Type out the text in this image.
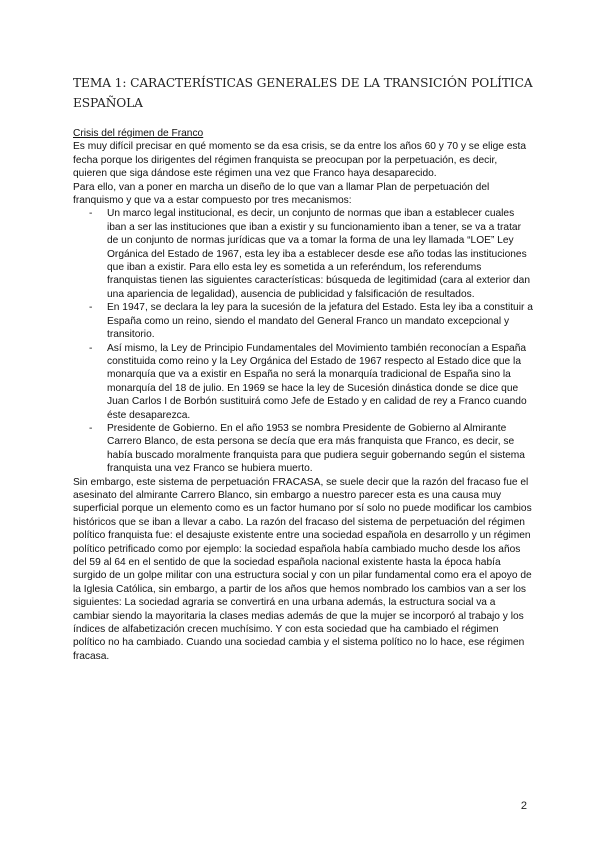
TEMA 1: CARACTERÍSTICAS GENERALES DE LA TRANSICIÓN POLÍTICA ESPAÑOLA

Crisis del régimen de Franco

Es muy difícil precisar en qué momento se da esa crisis, se da entre los años 60 y 70 y se elige esta fecha porque los dirigentes del régimen franquista se preocupan por la perpetuación, es decir, quieren que siga dándose este régimen una vez que Franco haya desaparecido.

Para ello, van a poner en marcha un diseño de lo que van a llamar Plan de perpetuación del franquismo y que va a estar compuesto por tres mecanismos:

- Un marco legal institucional, es decir, un conjunto de normas que iban a establecer cuales iban a ser las instituciones que iban a existir y su funcionamiento iban a tener, se va a tratar de un conjunto de normas jurídicas que va a tomar la forma de una ley llamada “LOE” Ley Orgánica del Estado de 1967, esta ley iba a establecer desde ese año todas las instituciones que iban a existir. Para ello esta ley es sometida a un referéndum, los referendums franquistas tienen las siguientes características: búsqueda de legitimidad (cara al exterior dan una apariencia de legalidad), ausencia de publicidad y falsificación de resultados.
- En 1947, se declara la ley para la sucesión de la jefatura del Estado. Esta ley iba a constituir a España como un reino, siendo el mandato del General Franco un mandato excepcional y transitorio.
- Así mismo, la Ley de Principio Fundamentales del Movimiento también reconocían a España constituida como reino y la Ley Orgánica del Estado de 1967 respecto al Estado dice que la monarquía que va a existir en España no será la monarquía tradicional de España sino la monarquía del 18 de julio. En 1969 se hace la ley de Sucesión dinástica donde se dice que Juan Carlos I de Borbón sustituirá como Jefe de Estado y en calidad de rey a Franco cuando éste desaparezca.
- Presidente de Gobierno. En el año 1953 se nombra Presidente de Gobierno al Almirante Carrero Blanco, de esta persona se decía que era más franquista que Franco, es decir, se había buscado moralmente franquista para que pudiera seguir gobernando según el sistema franquista una vez Franco se hubiera muerto.

Sin embargo, este sistema de perpetuación FRACASA, se suele decir que la razón del fracaso fue el asesinato del almirante Carrero Blanco, sin embargo a nuestro parecer esta es una causa muy superficial porque un elemento como es un factor humano por sí solo no puede modificar los cambios históricos que se iban a llevar a cabo. La razón del fracaso del sistema de perpetuación del régimen político franquista fue: el desajuste existente entre una sociedad española en desarrollo y un régimen político petrificado como por ejemplo: la sociedad española había cambiado mucho desde los años del 59 al 64 en el sentido de que la sociedad española nacional existente hasta la época había surgido de un golpe militar con una estructura social y con un pilar fundamental como era el apoyo de la Iglesia Católica, sin embargo, a partir de los años que hemos nombrado los cambios van a ser los siguientes: La sociedad agraria se convertirá en una urbana además, la estructura social va a cambiar siendo la mayoritaria la clases medias además de que la mujer se incorporó al trabajo y los índices de alfabetización crecen muchísimo. Y con esta sociedad que ha cambiado el régimen político no ha cambiado. Cuando una sociedad cambia y el sistema político no lo hace, ese régimen fracasa.

2
